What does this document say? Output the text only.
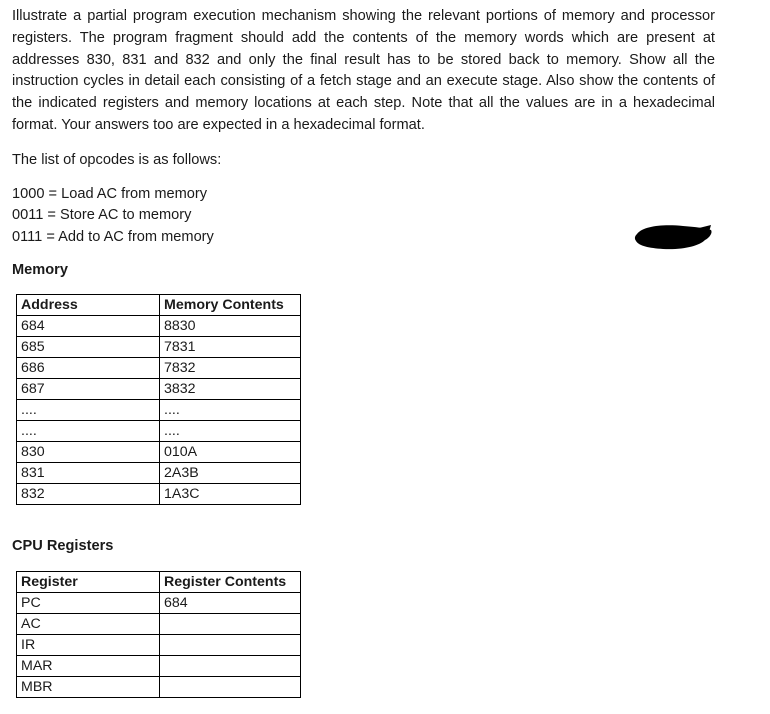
Illustrate a partial program execution mechanism showing the relevant portions of memory and processor registers. The program fragment should add the contents of the memory words which are present at addresses 830, 831 and 832 and only the final result has to be stored back to memory. Show all the instruction cycles in detail each consisting of a fetch stage and an execute stage. Also show the contents of the indicated registers and memory locations at each step. Note that all the values are in a hexadecimal format. Your answers too are expected in a hexadecimal format.

The list of opcodes is as follows:

1000 = Load AC from memory

0011 = Store AC to memory

0111 = Add to AC from memory

Memory

Address	Memory Contents
684	8830
685	7831
686	7832
687	3832
....	....
....	....
830	010A
831	2A3B
832	1A3C

CPU Registers

Register	Register Contents
PC	684
AC	
IR	
MAR	
MBR	
